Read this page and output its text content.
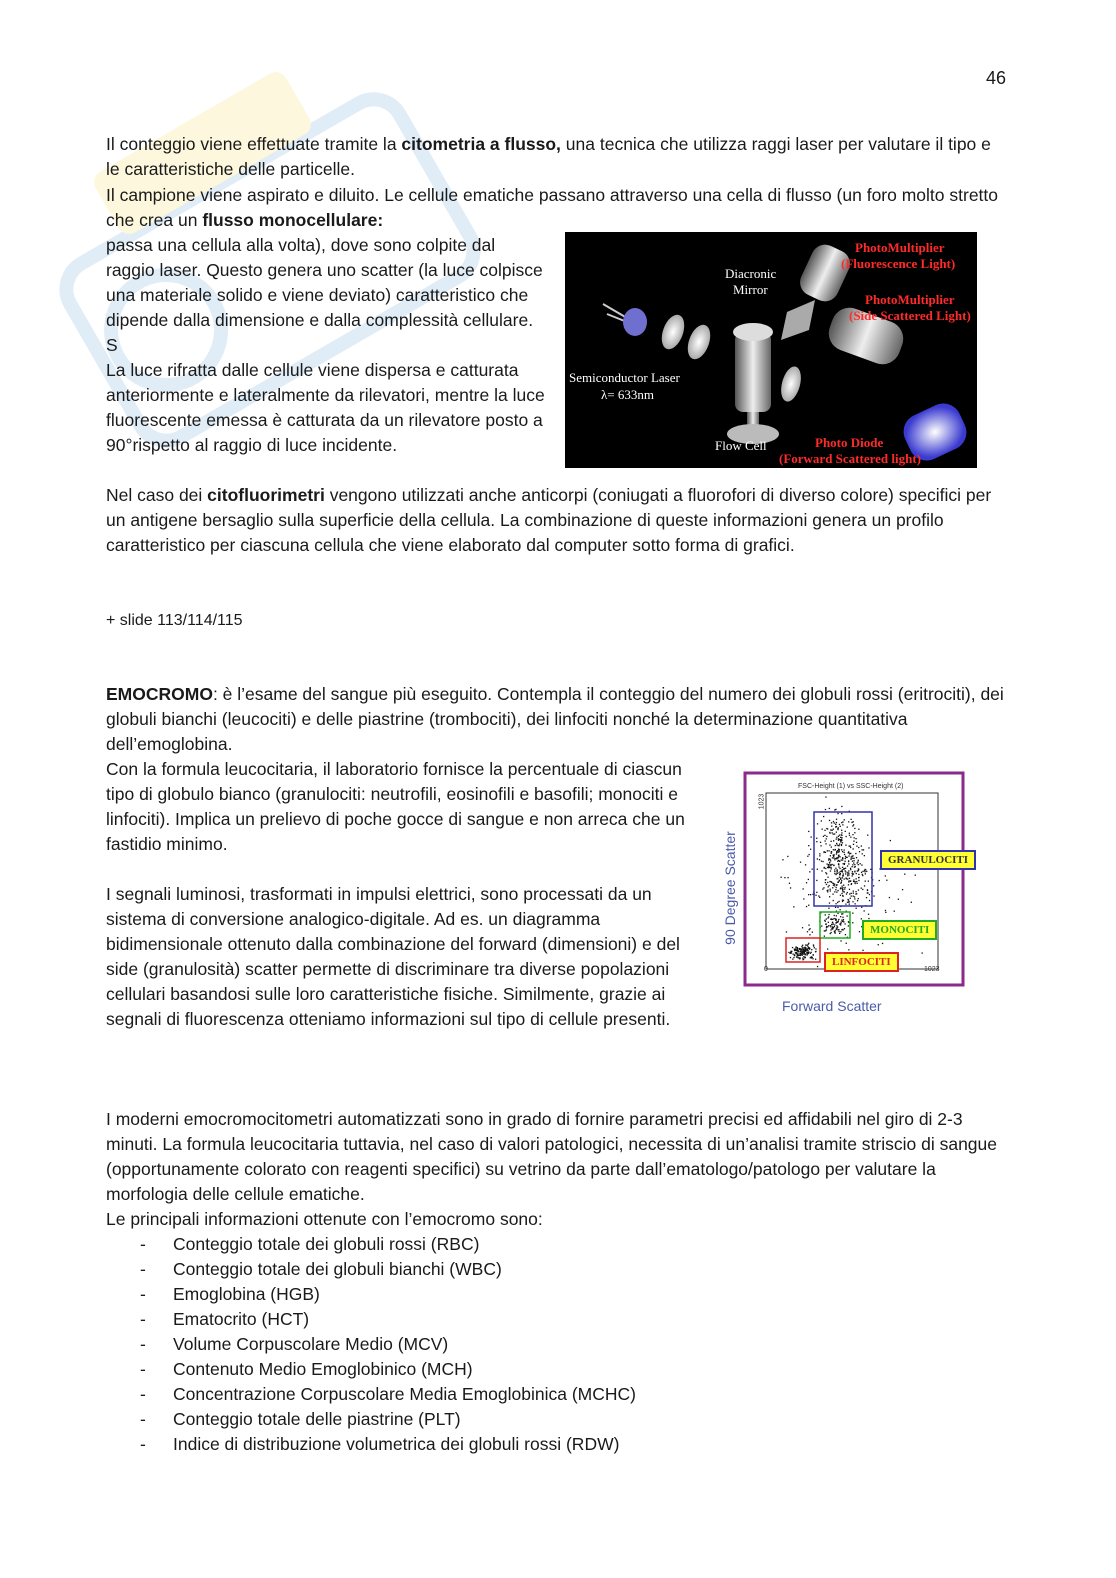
46

Il conteggio viene effettuate tramite la citometria a flusso, una tecnica che utilizza raggi laser per valutare il tipo e le caratteristiche delle particelle.

Il campione viene aspirato e diluito. Le cellule ematiche passano attraverso una cella di flusso (un foro molto stretto che crea un flusso monocellulare:

passa una cellula alla volta), dove sono colpite dal raggio laser. Questo genera uno scatter (la luce colpisce una materiale solido e viene deviato) caratteristico che dipende dalla dimensione e dalla complessità cellulare. S

La luce rifratta dalle cellule viene dispersa e catturata anteriormente e lateralmente da rilevatori, mentre la luce fluorescente emessa è catturata da un rilevatore posto a 90°rispetto al raggio di luce incidente.

PhotoMultiplier
(Fluorescence Light)
Diacronic
Mirror
PhotoMultiplier
(Side Scattered Light)
Semiconductor Laser
λ= 633nm
Flow Cell	Photo Diode
(Forward Scattered light)

Nel caso dei citofluorimetri vengono utilizzati anche anticorpi (coniugati a fluorofori di diverso colore) specifici per un antigene bersaglio sulla superficie della cellula. La combinazione di queste informazioni genera un profilo caratteristico per ciascuna cellula che viene elaborato dal computer sotto forma di grafici.

+ slide 113/114/115

EMOCROMO: è l’esame del sangue più eseguito. Contempla il conteggio del numero dei globuli rossi (eritrociti), dei globuli bianchi (leucociti) e delle piastrine (trombociti), dei linfociti nonché la determinazione quantitativa dell’emoglobina.

Con la formula leucocitaria, il laboratorio fornisce la percentuale di ciascun tipo di globulo bianco (granulociti: neutrofili, eosinofili e basofili; monociti e linfociti). Implica un prelievo di poche gocce di sangue e non arreca che un fastidio minimo.

I segnali luminosi, trasformati in impulsi elettrici, sono processati da un sistema di conversione analogico-digitale. Ad es. un diagramma bidimensionale ottenuto dalla combinazione del forward (dimensioni) e del side (granulosità) scatter permette di discriminare tra diverse popolazioni cellulari basandosi sulle loro caratteristiche fisiche. Similmente, grazie ai segnali di fluorescenza otteniamo informazioni sul tipo di cellule presenti.

FSC-Height (1) vs SSC-Height (2)
1023
0	1023
90 Degree Scatter
Forward Scatter
GRANULOCITI
MONOCITI
LINFOCITI

I moderni emocromocitometri automatizzati sono in grado di fornire parametri precisi ed affidabili nel giro di 2-3 minuti. La formula leucocitaria tuttavia, nel caso di valori patologici, necessita di un’analisi tramite striscio di sangue (opportunamente colorato con reagenti specifici) su vetrino da parte dall’ematologo/patologo per valutare la morfologia delle cellule ematiche.

Le principali informazioni ottenute con l’emocromo sono:

- Conteggio totale dei globuli rossi (RBC)
- Conteggio totale dei globuli bianchi (WBC)
- Emoglobina (HGB)
- Ematocrito (HCT)
- Volume Corpuscolare Medio (MCV)
- Contenuto Medio Emoglobinico (MCH)
- Concentrazione Corpuscolare Media Emoglobinica (MCHC)
- Conteggio totale delle piastrine (PLT)
- Indice di distribuzione volumetrica dei globuli rossi (RDW)
